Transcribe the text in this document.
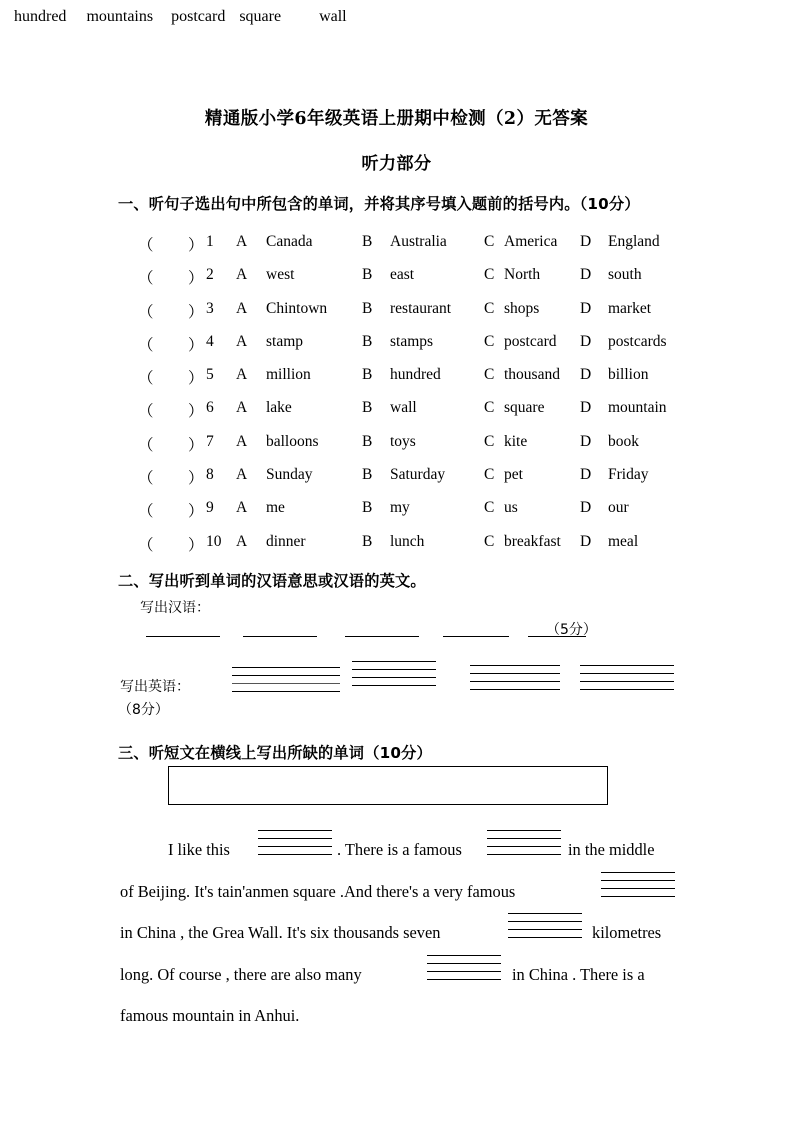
精通版小学6年级英语上册期中检测（2）无答案
听力部分
一、听句子选出句中所包含的单词，并将其序号填入题前的括号内。（10分）
（ ） 1 A Canada	B Australia C America D England
（ ） 2 A west	B east	C North	D south
（ ） 3 A Chintown B restaurant C shops	D market
（ ） 4 A stamp	B stamps	C postcard D postcards
（ ） 5 A million	B hundred	C thousand D billion
（ ） 6 A lake	B wall	C square D mountain
（ ） 7 A balloons	B toys	C kite	D book
（ ） 8 A Sunday	B Saturday	C pet	D Friday
（ ） 9 A me	B my	C us	D our
（ ） 10 A dinner	B lunch	C breakfast D meal
二、写出听到单词的汉语意思或汉语的英文。
写出汉语：
（5分）
写出英语：
（8分）
三、听短文在横线上写出所缺的单词（10分）
hundred mountains postcard square wall
I like this	. There is a famous	in the middle
of Beijing. It's tain'anmen square .And there's a very famous
in China , the Grea Wall. It's six thousands seven	kilometres
long. Of course , there are also many	in China . There is a
famous mountain in Anhui.
